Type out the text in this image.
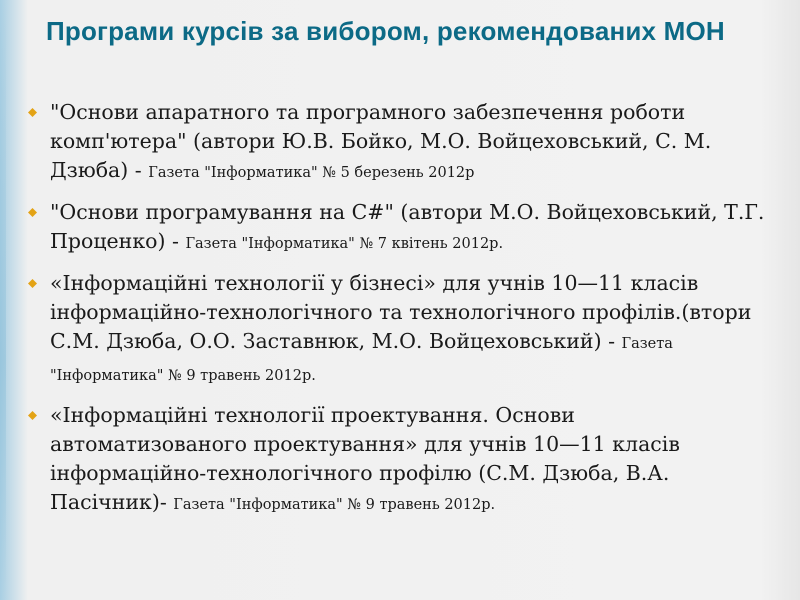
Програми курсів за вибором, рекомендованих МОН
"Основи апаратного та програмного забезпечення роботи комп'ютера" (автори Ю.В. Бойко, М.О. Войцеховський, С. М. Дзюба) - Газета "Інформатика" № 5 березень 2012р
"Основи програмування на C#" (автори М.О. Войцеховський, Т.Г. Проценко) - Газета "Інформатика" № 7 квітень 2012р.
«Інформаційні технології у бізнесі» для учнів 10—11 класів інформаційно-технологічного та технологічного профілів.(втори С.М. Дзюба, О.О. Заставнюк, М.О. Войцеховський) - Газета "Інформатика" № 9 травень 2012р.
«Інформаційні технології проектування. Основи автоматизованого проектування» для учнів 10—11 класів інформаційно-технологічного профілю (С.М. Дзюба, В.А. Пасічник)- Газета "Інформатика" № 9 травень 2012р.
